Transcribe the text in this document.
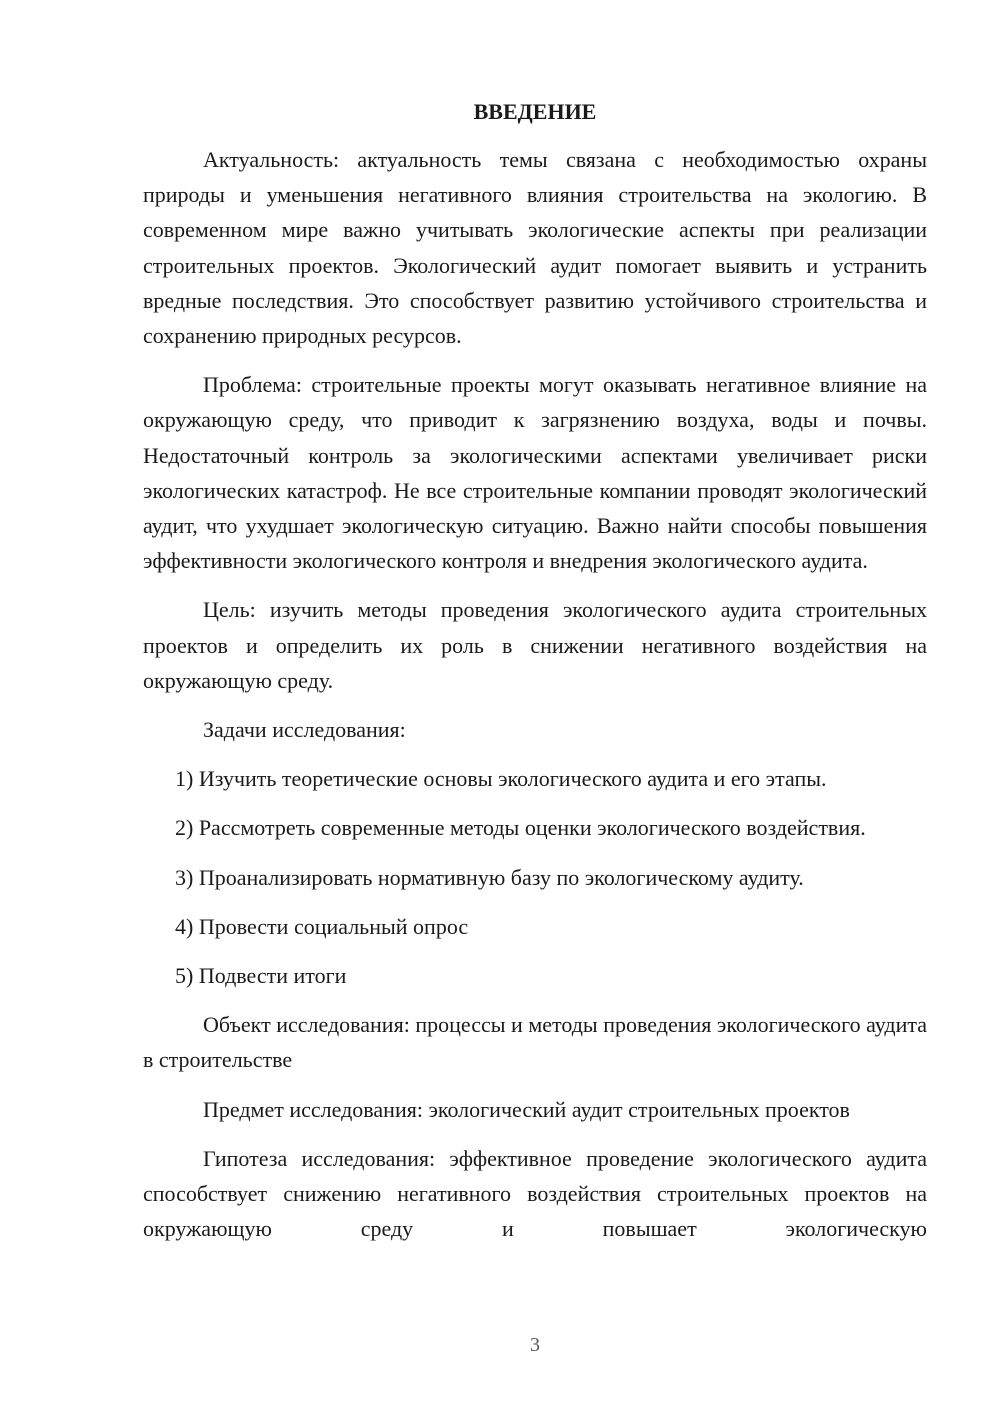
ВВЕДЕНИЕ

Актуальность: актуальность темы связана с необходимостью охраны природы и уменьшения негативного влияния строительства на экологию. В современном мире важно учитывать экологические аспекты при реализации строительных проектов. Экологический аудит помогает выявить и устранить вредные последствия. Это способствует развитию устойчивого строительства и сохранению природных ресурсов.

Проблема: строительные проекты могут оказывать негативное влияние на окружающую среду, что приводит к загрязнению воздуха, воды и почвы. Недостаточный контроль за экологическими аспектами увеличивает риски экологических катастроф. Не все строительные компании проводят экологический аудит, что ухудшает экологическую ситуацию. Важно найти способы повышения эффективности экологического контроля и внедрения экологического аудита.

Цель: изучить методы проведения экологического аудита строительных проектов и определить их роль в снижении негативного воздействия на окружающую среду.

Задачи исследования:

1) Изучить теоретические основы экологического аудита и его этапы.

2) Рассмотреть современные методы оценки экологического воздействия.

3) Проанализировать нормативную базу по экологическому аудиту.

4) Провести социальный опрос

5) Подвести итоги

Объект исследования: процессы и методы проведения экологического аудита в строительстве

Предмет исследования: экологический аудит строительных проектов

Гипотеза исследования: эффективное проведение экологического аудита способствует снижению негативного воздействия строительных проектов на окружающую среду и повышает экологическую

3
